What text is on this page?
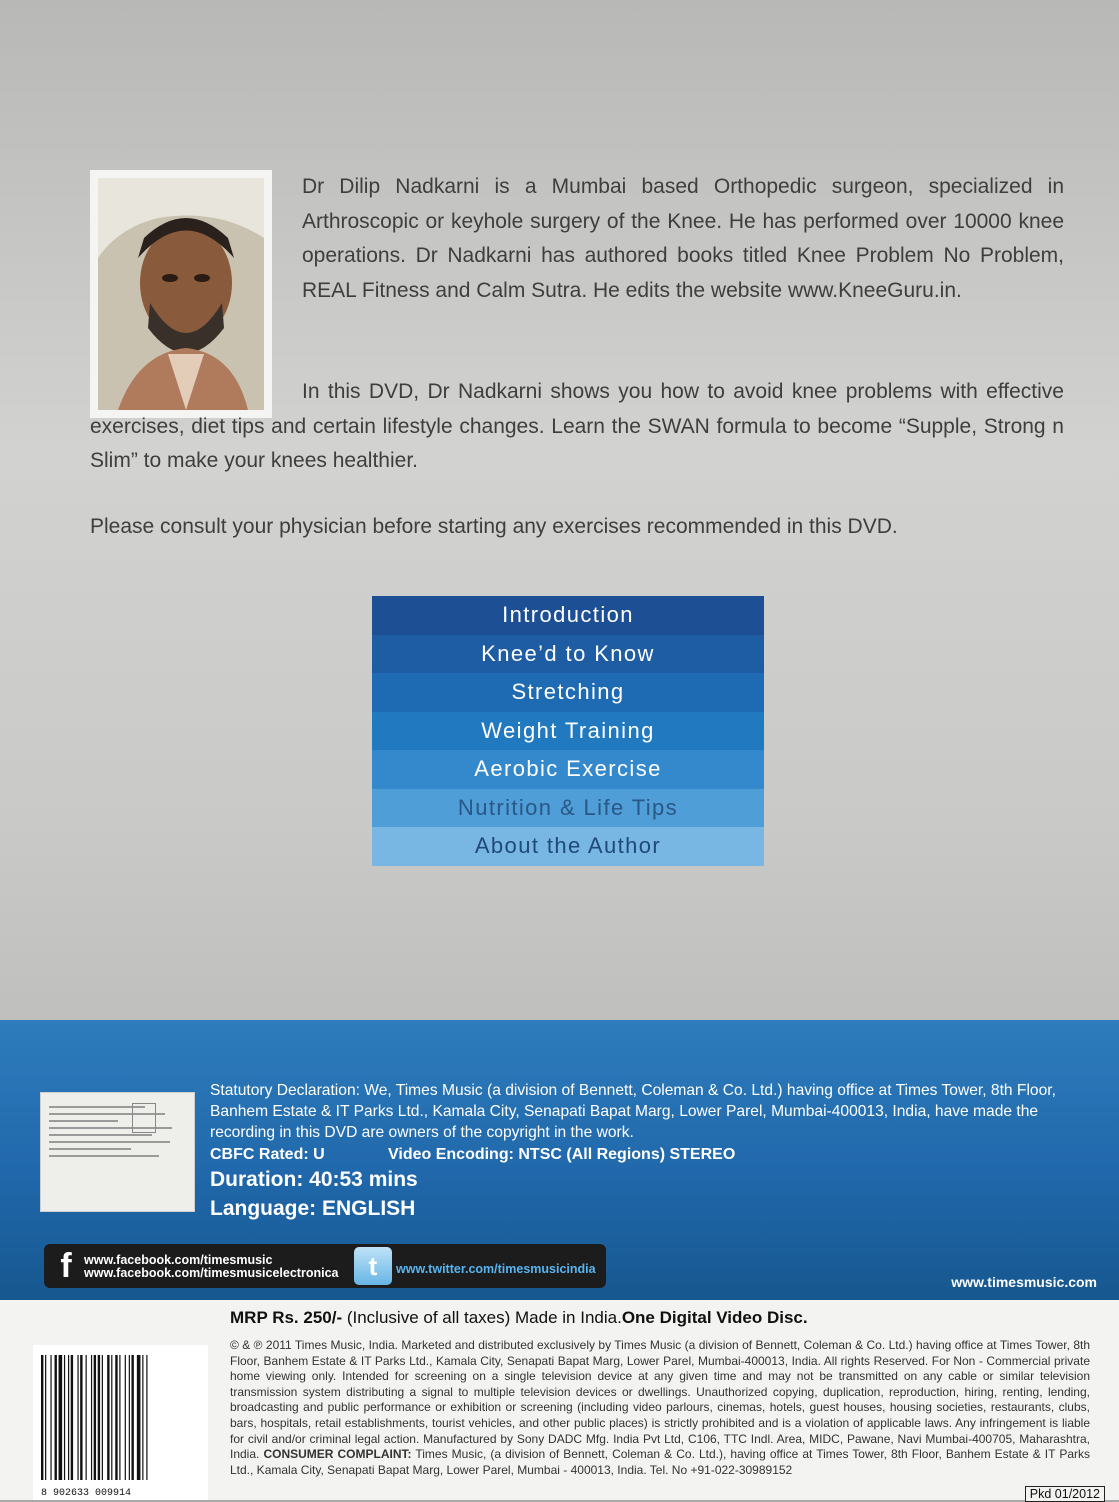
Dr Dilip Nadkarni is a Mumbai based Orthopedic surgeon, specialized in Arthroscopic or keyhole surgery of the Knee. He has performed over 10000 knee operations. Dr Nadkarni has authored books titled Knee Problem No Problem, REAL Fitness and Calm Sutra. He edits the website www.KneeGuru.in.
In this DVD, Dr Nadkarni shows you how to avoid knee problems with effective exercises, diet tips and certain lifestyle changes. Learn the SWAN formula to become “Supple, Strong n Slim” to make your knees healthier.
Please consult your physician before starting any exercises recommended in this DVD.
Introduction
Knee’d to Know
Stretching
Weight Training
Aerobic Exercise
Nutrition & Life Tips
About the Author
Statutory Declaration: We, Times Music (a division of Bennett, Coleman & Co. Ltd.) having office at Times Tower, 8th Floor, Banhem Estate & IT Parks Ltd., Kamala City, Senapati Bapat Marg, Lower Parel, Mumbai-400013, India, have made the recording in this DVD are owners of the copyright in the work.
CBFC Rated: U	Video Encoding: NTSC (All Regions) STEREO
Duration: 40:53 mins
Language: ENGLISH
f www.facebook.com/timesmusic
www.facebook.com/timesmusicelectronica	t	www.twitter.com/timesmusicindia
www.timesmusic.com
8 902633 009914
MRP Rs. 250/- (Inclusive of all taxes) Made in India.One Digital Video Disc.
© & ℗ 2011 Times Music, India. Marketed and distributed exclusively by Times Music (a division of Bennett, Coleman & Co. Ltd.) having office at Times Tower, 8th Floor, Banhem Estate & IT Parks Ltd., Kamala City, Senapati Bapat Marg, Lower Parel, Mumbai-400013, India. All rights Reserved. For Non - Commercial private home viewing only. Intended for screening on a single television device at any given time and may not be transmitted on any cable or similar television transmission system distributing a signal to multiple television devices or dwellings. Unauthorized copying, duplication, reproduction, hiring, renting, lending, broadcasting and public performance or exhibition or screening (including video parlours, cinemas, hotels, guest houses, housing societies, restaurants, clubs, bars, hospitals, retail establishments, tourist vehicles, and other public places) is strictly prohibited and is a violation of applicable laws. Any infringement is liable for civil and/or criminal legal action. Manufactured by Sony DADC Mfg. India Pvt Ltd, C106, TTC Indl. Area, MIDC, Pawane, Navi Mumbai-400705, Maharashtra, India. CONSUMER COMPLAINT: Times Music, (a division of Bennett, Coleman & Co. Ltd.), having office at Times Tower, 8th Floor, Banhem Estate & IT Parks Ltd., Kamala City, Senapati Bapat Marg, Lower Parel, Mumbai - 400013, India. Tel. No +91-022-30989152
Pkd 01/2012
